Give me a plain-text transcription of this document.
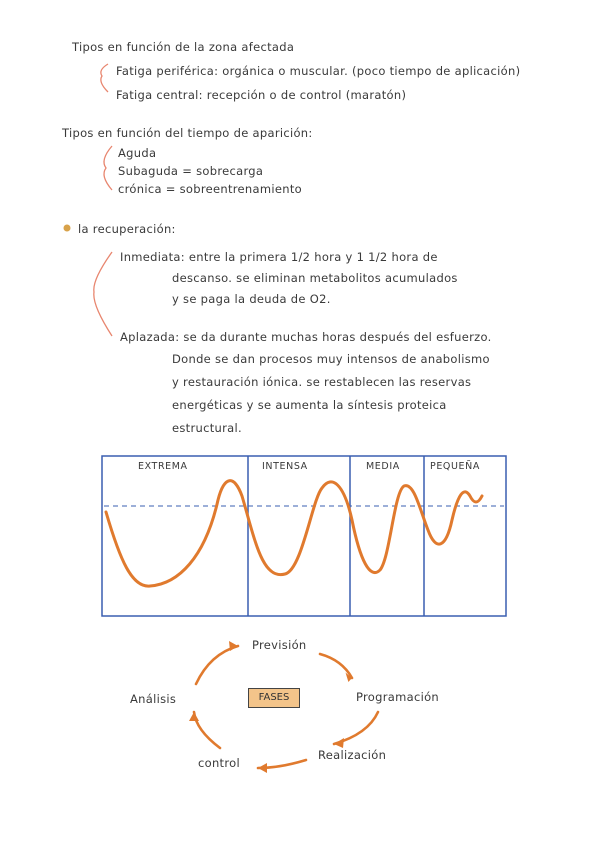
Tipos en función de la zona afectada
Fatiga periférica: orgánica o muscular. (poco tiempo de aplicación)
Fatiga central: recepción o de control (maratón)
Tipos en función del tiempo de aparición:
Aguda
Subaguda = sobrecarga
crónica = sobreentrenamiento
la recuperación:
Inmediata: entre la primera 1/2 hora y 1 1/2 hora de
descanso. se eliminan metabolitos acumulados
y se paga la deuda de O2.
Aplazada: se da durante muchas horas después del esfuerzo.
Donde se dan procesos muy intensos de anabolismo
y restauración iónica. se restablecen las reservas
energéticas y se aumenta la síntesis proteica
estructural.
EXTREMA	INTENSA	MEDIA	PEQUEÑA
FASES
Previsión
Programación
Realización
control
Análisis
